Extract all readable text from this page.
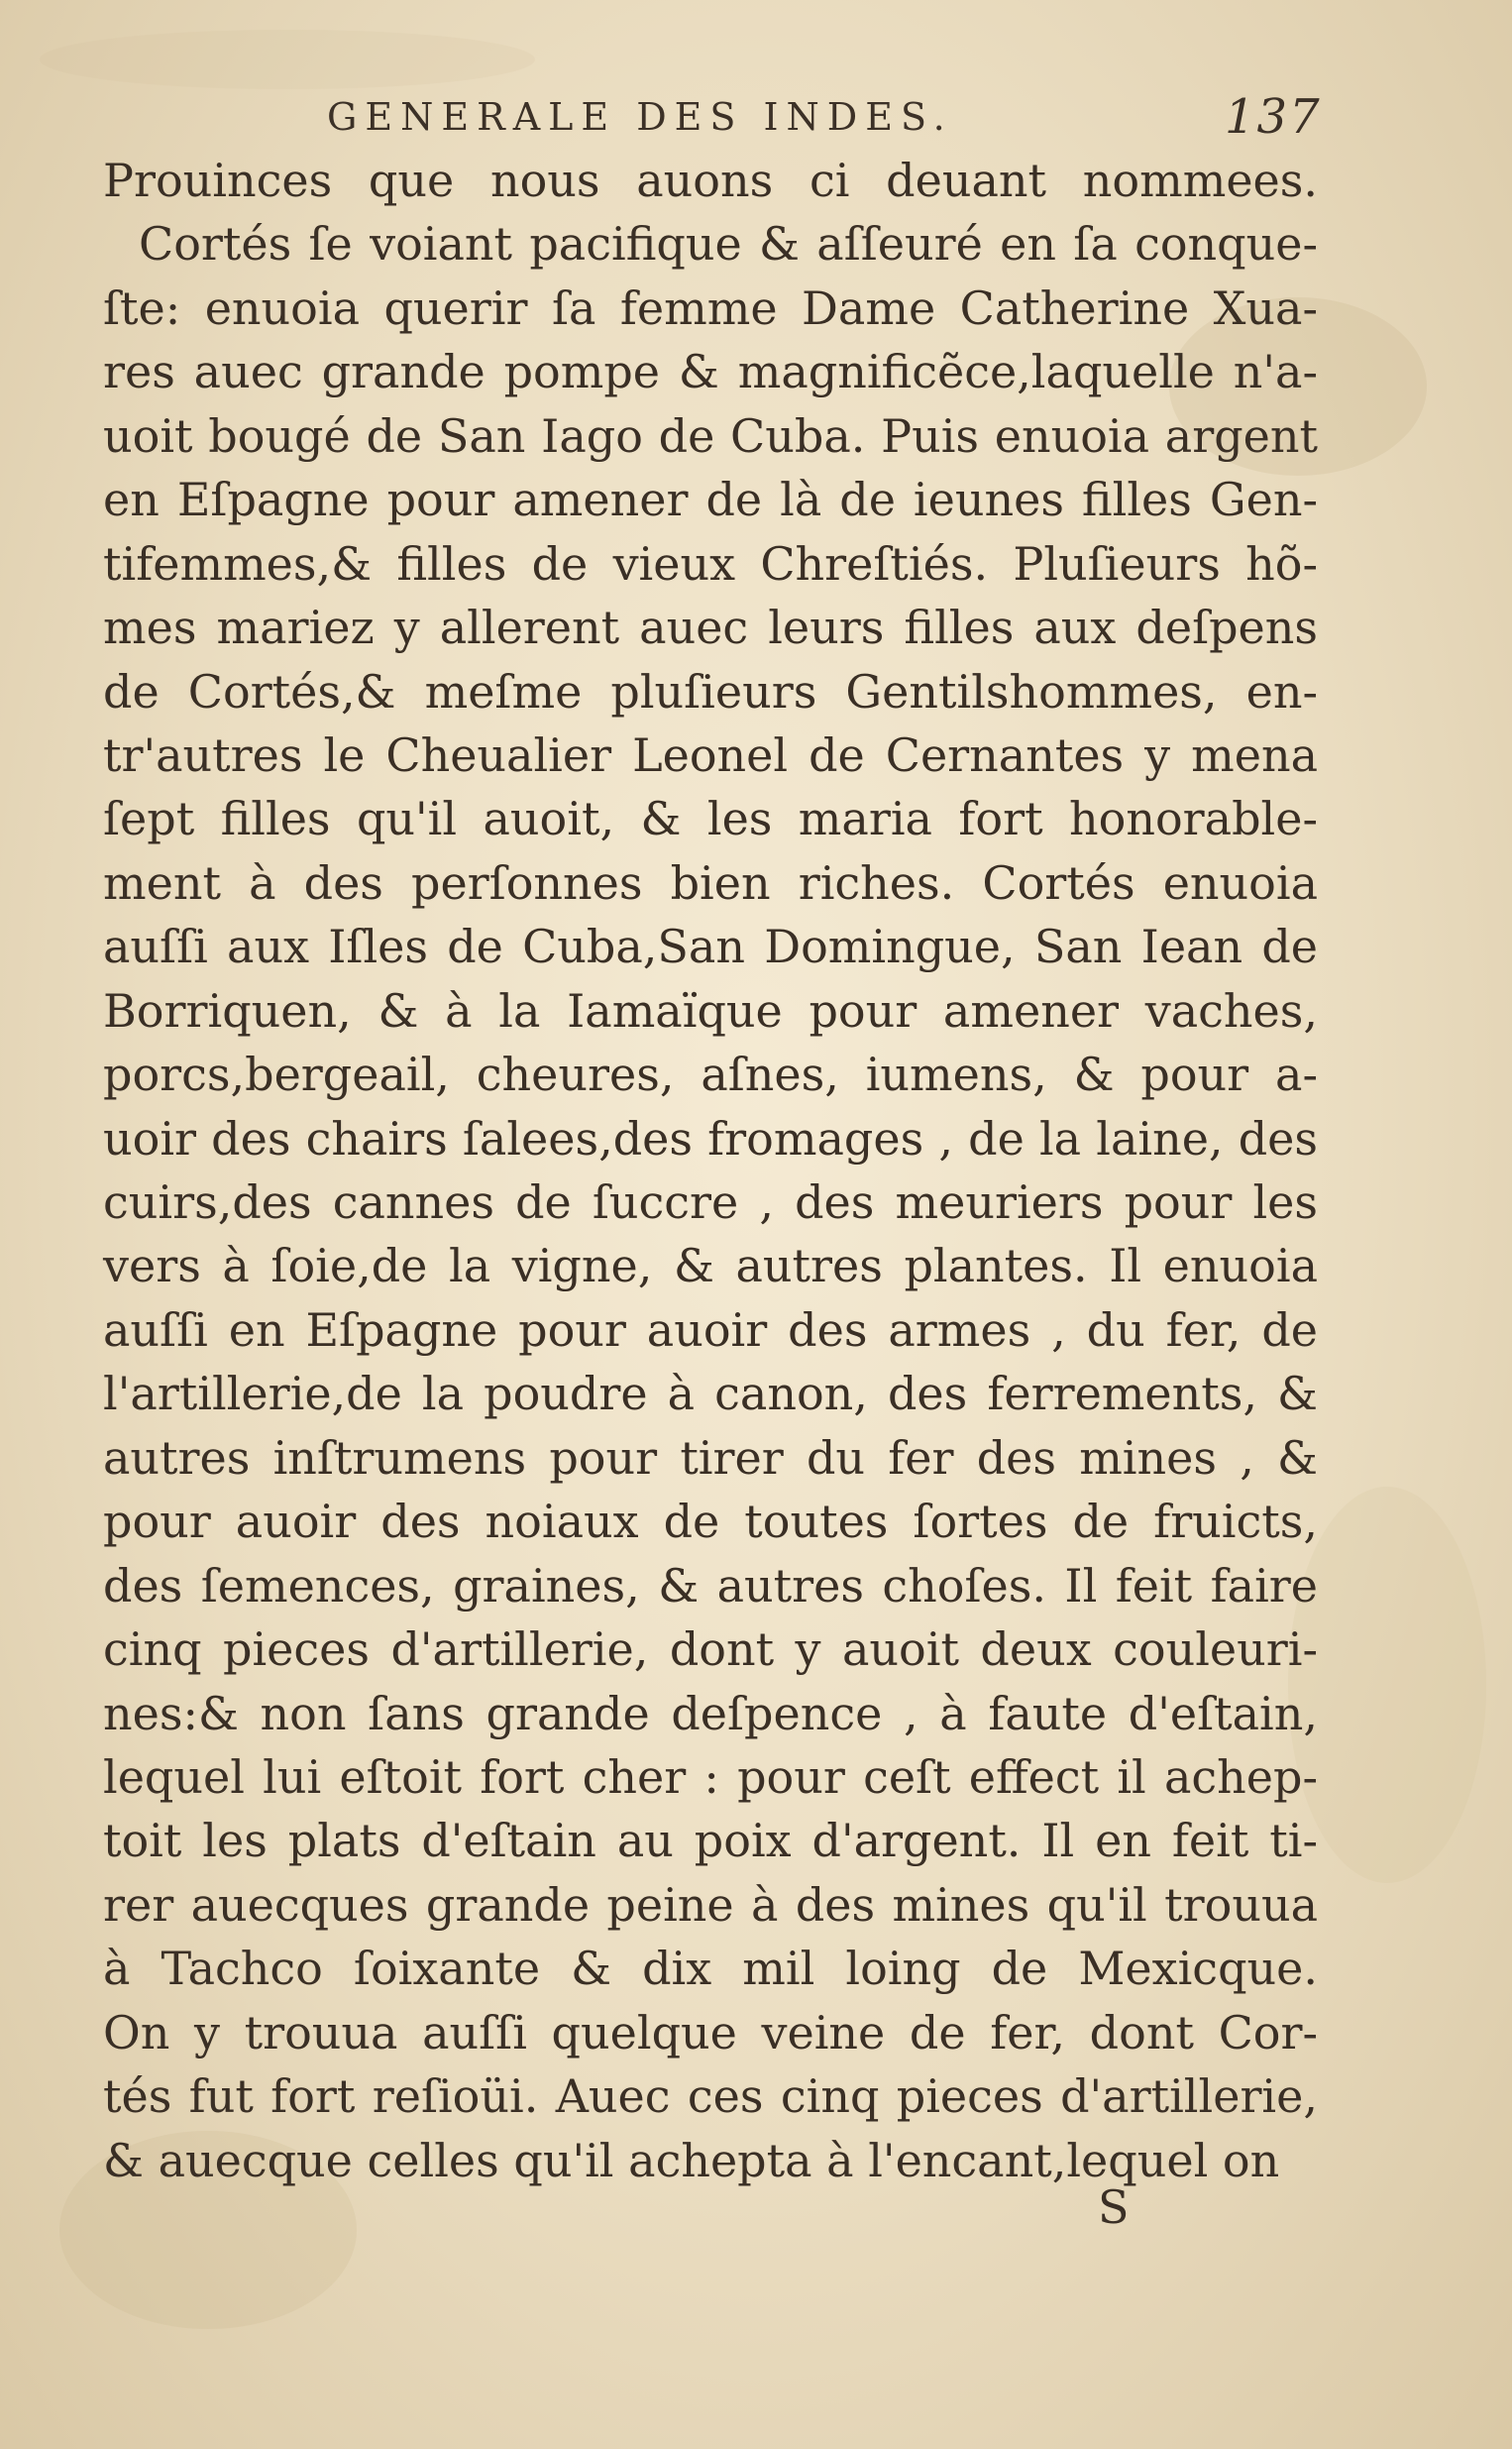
GENERALE DES INDES.	137
Prouinces que nous auons ci deuant nommees.
Cortés ſe voiant pacifique & aſſeuré en ſa conque-
ſte: enuoia querir ſa femme Dame Catherine Xua-
res auec grande pompe & magnificẽce,laquelle n'a-
uoit bougé de San Iago de Cuba. Puis enuoia argent
en Eſpagne pour amener de là de ieunes filles Gen-
tifemmes,& filles de vieux Chreſtiés. Pluſieurs hõ-
mes mariez y allerent auec leurs filles aux deſpens
de Cortés,& meſme pluſieurs Gentilshommes, en-
tr'autres le Cheualier Leonel de Cernantes y mena
ſept filles qu'il auoit, & les maria fort honorable-
ment à des perſonnes bien riches. Cortés enuoia
auſſi aux Iſles de Cuba,San Domingue, San Iean de
Borriquen, & à la Iamaïque pour amener vaches,
porcs,bergeail, cheures, aſnes, iumens, & pour a-
uoir des chairs ſalees,des fromages , de la laine, des
cuirs,des cannes de ſuccre , des meuriers pour les
vers à ſoie,de la vigne, & autres plantes. Il enuoia
auſſi en Eſpagne pour auoir des armes , du fer, de
l'artillerie,de la poudre à canon, des ferrements, &
autres inſtrumens pour tirer du fer des mines , &
pour auoir des noiaux de toutes ſortes de fruicts,
des ſemences, graines, & autres choſes. Il feit faire
cinq pieces d'artillerie, dont y auoit deux couleuri-
nes:& non ſans grande deſpence , à faute d'eſtain,
lequel lui eſtoit fort cher : pour ceſt effect il achep-
toit les plats d'eſtain au poix d'argent. Il en feit ti-
rer auecques grande peine à des mines qu'il trouua
à Tachco ſoixante & dix mil loing de Mexicque.
On y trouua auſſi quelque veine de fer, dont Cor-
tés fut fort reſioüi. Auec ces cinq pieces d'artillerie,
& auecque celles qu'il achepta à l'encant,lequel on
S
